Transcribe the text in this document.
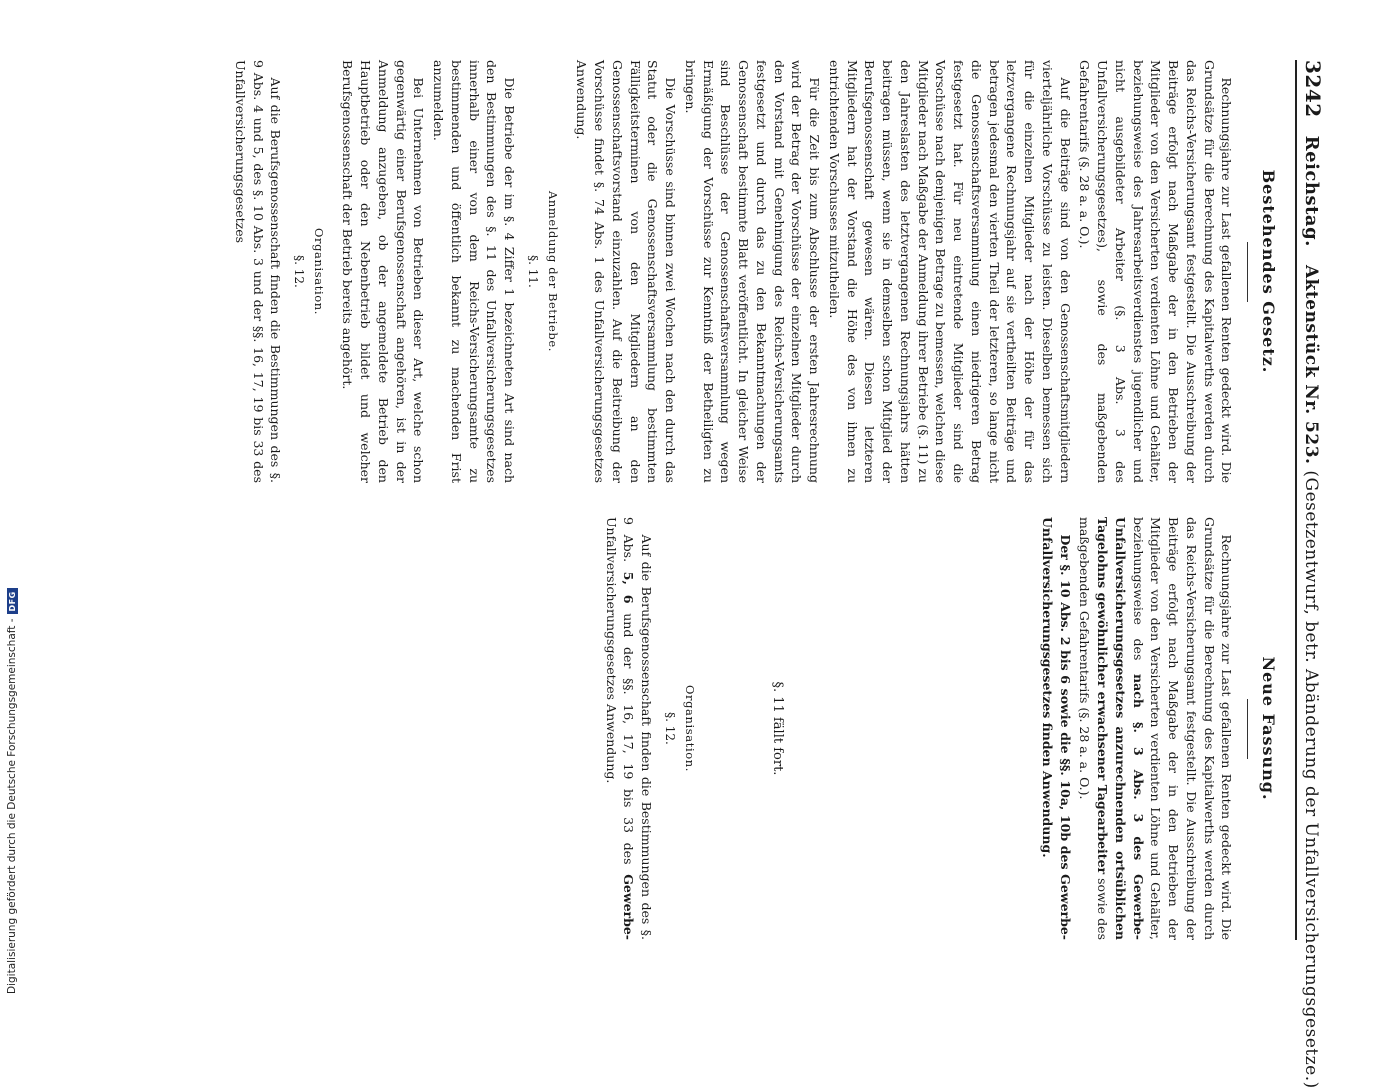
3242
Reichstag.
Aktenstück Nr. 523. (Gesetzentwurf, betr. Abänderung der Unfallversicherungsgesetze.)
Bestehendes Gesetz.

Rechnungsjahre zur Last gefallenen Renten gedeckt wird. Die Grundsätze für die Berechnung des Kapitalwerths werden durch das Reichs-Versicherungsamt festgestellt. Die Ausschreibung der Beiträge erfolgt nach Maßgabe der in den Betrieben der Mitglieder von den Versicherten verdienten Löhne und Gehälter, beziehungsweise des Jahresarbeitsverdienstes jugendlicher und nicht ausgebildeter Arbeiter (§. 3 Abs. 3 des Unfallversicherungsgesetzes), sowie des maßgebenden Gefahrentarifs (§. 28 a. a. O.).

Auf die Beiträge sind von den Genossenschaftsmitgliedern vierteljährliche Vorschüsse zu leisten. Dieselben bemessen sich für die einzelnen Mitglieder nach der Höhe der für das letzvergangene Rechnungsjahr auf sie vertheilten Beiträge und betragen jedesmal den vierten Theil der letzteren, so lange nicht die Genossenschaftsversammlung einen niedrigeren Betrag festgesetzt hat. Für neu eintretende Mitglieder sind die Vorschüsse nach demjenigen Betrage zu bemessen, welchen diese Mitglieder nach Maßgabe der Anmeldung ihrer Betriebe (§. 11) zu den Jahreslasten des letztvergangenen Rechnungsjahrs hätten beitragen müssen, wenn sie in demselben schon Mitglied der Berufsgenossenschaft gewesen wären. Diesen letzteren Mitgliedern hat der Vorstand die Höhe des von ihnen zu entrichtenden Vorschusses mitzutheilen.

Für die Zeit bis zum Abschlusse der ersten Jahresrechnung wird der Betrag der Vorschüsse der einzelnen Mitglieder durch den Vorstand mit Genehmigung des Reichs-Versicherungsamts festgesetzt und durch das zu den Bekanntmachungen der Genossenschaft bestimmte Blatt veröffentlicht. In gleicher Weise sind Beschlüsse der Genossenschaftsversammlung wegen Ermäßigung der Vorschüsse zur Kenntniß der Betheiligten zu bringen.

Die Vorschüsse sind binnen zwei Wochen nach den durch das Statut oder die Genossenschaftsversammlung bestimmten Fälligkeitsterminen von den Mitgliedern an den Genossenschaftsvorstand einzuzahlen. Auf die Beitreibung der Vorschüsse findet §. 74 Abs. 1 des Unfallversicherungsgesetzes Anwendung.

Anmeldung der Betriebe.
§. 11.

Die Betriebe der im §. 4 Ziffer 1 bezeichneten Art sind nach den Bestimmungen des §. 11 des Unfallversicherungsgesetzes innerhalb einer von dem Reichs-Versicherungsamte zu bestimmenden und öffentlich bekannt zu machenden Frist anzumelden.

Bei Unternehmen von Betrieben dieser Art, welche schon gegenwärtig einer Berufsgenossenschaft angehören, ist in der Anmeldung anzugeben, ob der angemeldete Betrieb den Hauptbetrieb oder den Nebenbetrieb bildet und welcher Berufsgenossenschaft der Betrieb bereits angehört.

Organisation.
§. 12.

Auf die Berufsgenossenschaft finden die Bestimmungen des §. 9 Abs. 4 und 5, des §. 10 Abs. 3 und der §§. 16, 17, 19 bis 33 des Unfallversicherungsgesetzes

Neue Fassung.

Rechnungsjahre zur Last gefallenen Renten gedeckt wird. Die Grundsätze für die Berechnung des Kapitalwerths werden durch das Reichs-Versicherungsamt festgestellt. Die Ausschreibung der Beiträge erfolgt nach Maßgabe der in den Betrieben der Mitglieder von den Versicherten verdienten Löhne und Gehälter, beziehungsweise des nach §. 3 Abs. 3 des Gewerbe-Unfallversicherungsgesetzes anzurechnenden ortsüblichen Tagelohns gewöhnlicher erwachsener Tagearbeiter sowie des maßgebenden Gefahrentarifs (§. 28 a. a. O.).

Der §. 10 Abs. 2 bis 6 sowie die §§. 10a, 10b des Gewerbe-Unfallversicherungsgesetzes finden Anwendung.

§. 11 fällt fort.
Organisation.
§. 12.

Auf die Berufsgenossenschaft finden die Bestimmungen des §. 9 Abs. 5, 6 und der §§. 16, 17, 19 bis 33 des Gewerbe-Unfallversicherungsgesetzes Anwendung.

Digitalisierung gefördert durch die Deutsche Forschungsgemeinschaft -
DFG
